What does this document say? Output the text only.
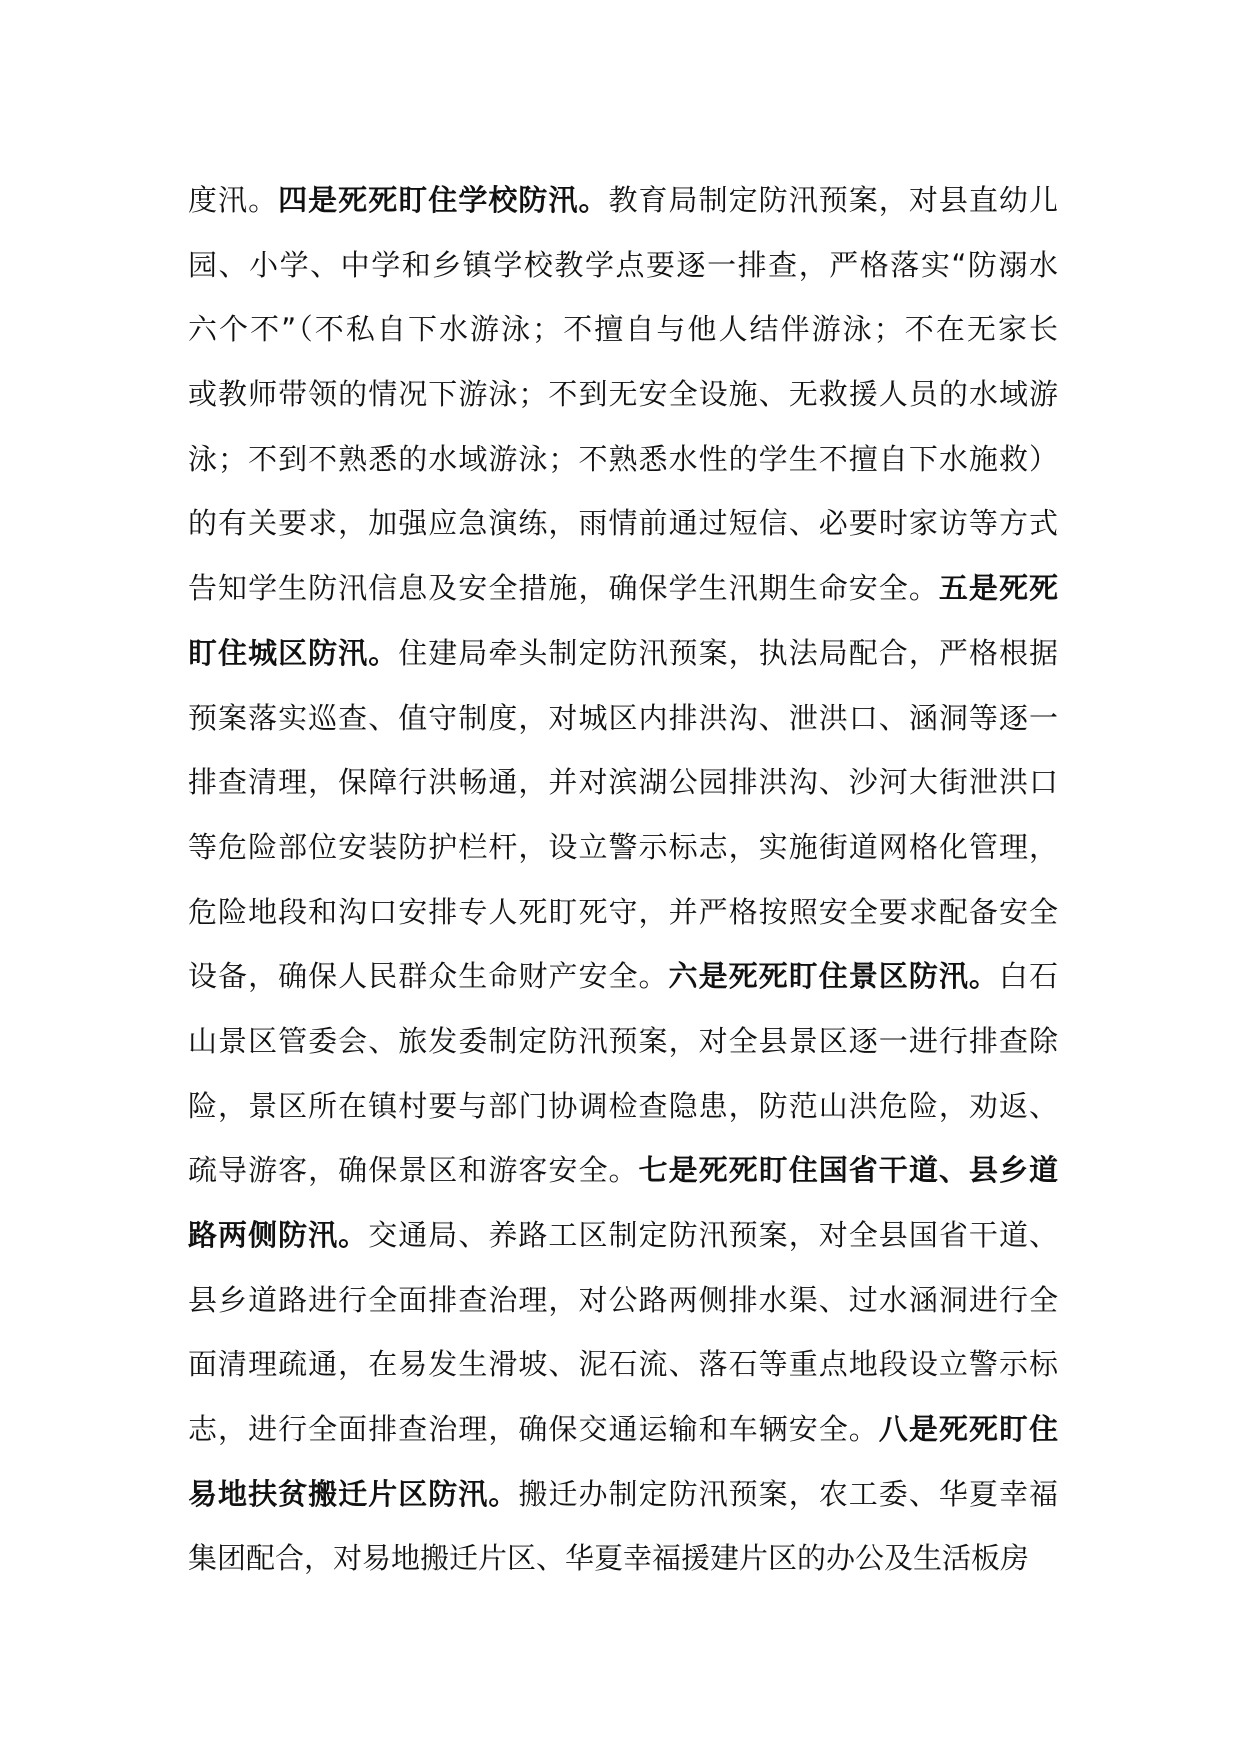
度汛。四是死死盯住学校防汛。教育局制定防汛预案，对县直幼儿
园、小学、中学和乡镇学校教学点要逐一排查，严格落实“防溺水
六个不”（不私自下水游泳；不擅自与他人结伴游泳；不在无家长
或教师带领的情况下游泳；不到无安全设施、无救援人员的水域游
泳；不到不熟悉的水域游泳；不熟悉水性的学生不擅自下水施救）
的有关要求，加强应急演练，雨情前通过短信、必要时家访等方式
告知学生防汛信息及安全措施，确保学生汛期生命安全。五是死死
盯住城区防汛。住建局牵头制定防汛预案，执法局配合，严格根据
预案落实巡查、值守制度，对城区内排洪沟、泄洪口、涵洞等逐一
排查清理，保障行洪畅通，并对滨湖公园排洪沟、沙河大街泄洪口
等危险部位安装防护栏杆，设立警示标志，实施街道网格化管理，
危险地段和沟口安排专人死盯死守，并严格按照安全要求配备安全
设备，确保人民群众生命财产安全。六是死死盯住景区防汛。白石
山景区管委会、旅发委制定防汛预案，对全县景区逐一进行排查除
险，景区所在镇村要与部门协调检查隐患，防范山洪危险，劝返、
疏导游客，确保景区和游客安全。七是死死盯住国省干道、县乡道
路两侧防汛。交通局、养路工区制定防汛预案，对全县国省干道、
县乡道路进行全面排查治理，对公路两侧排水渠、过水涵洞进行全
面清理疏通，在易发生滑坡、泥石流、落石等重点地段设立警示标
志，进行全面排查治理，确保交通运输和车辆安全。八是死死盯住
易地扶贫搬迁片区防汛。搬迁办制定防汛预案，农工委、华夏幸福
集团配合，对易地搬迁片区、华夏幸福援建片区的办公及生活板房
